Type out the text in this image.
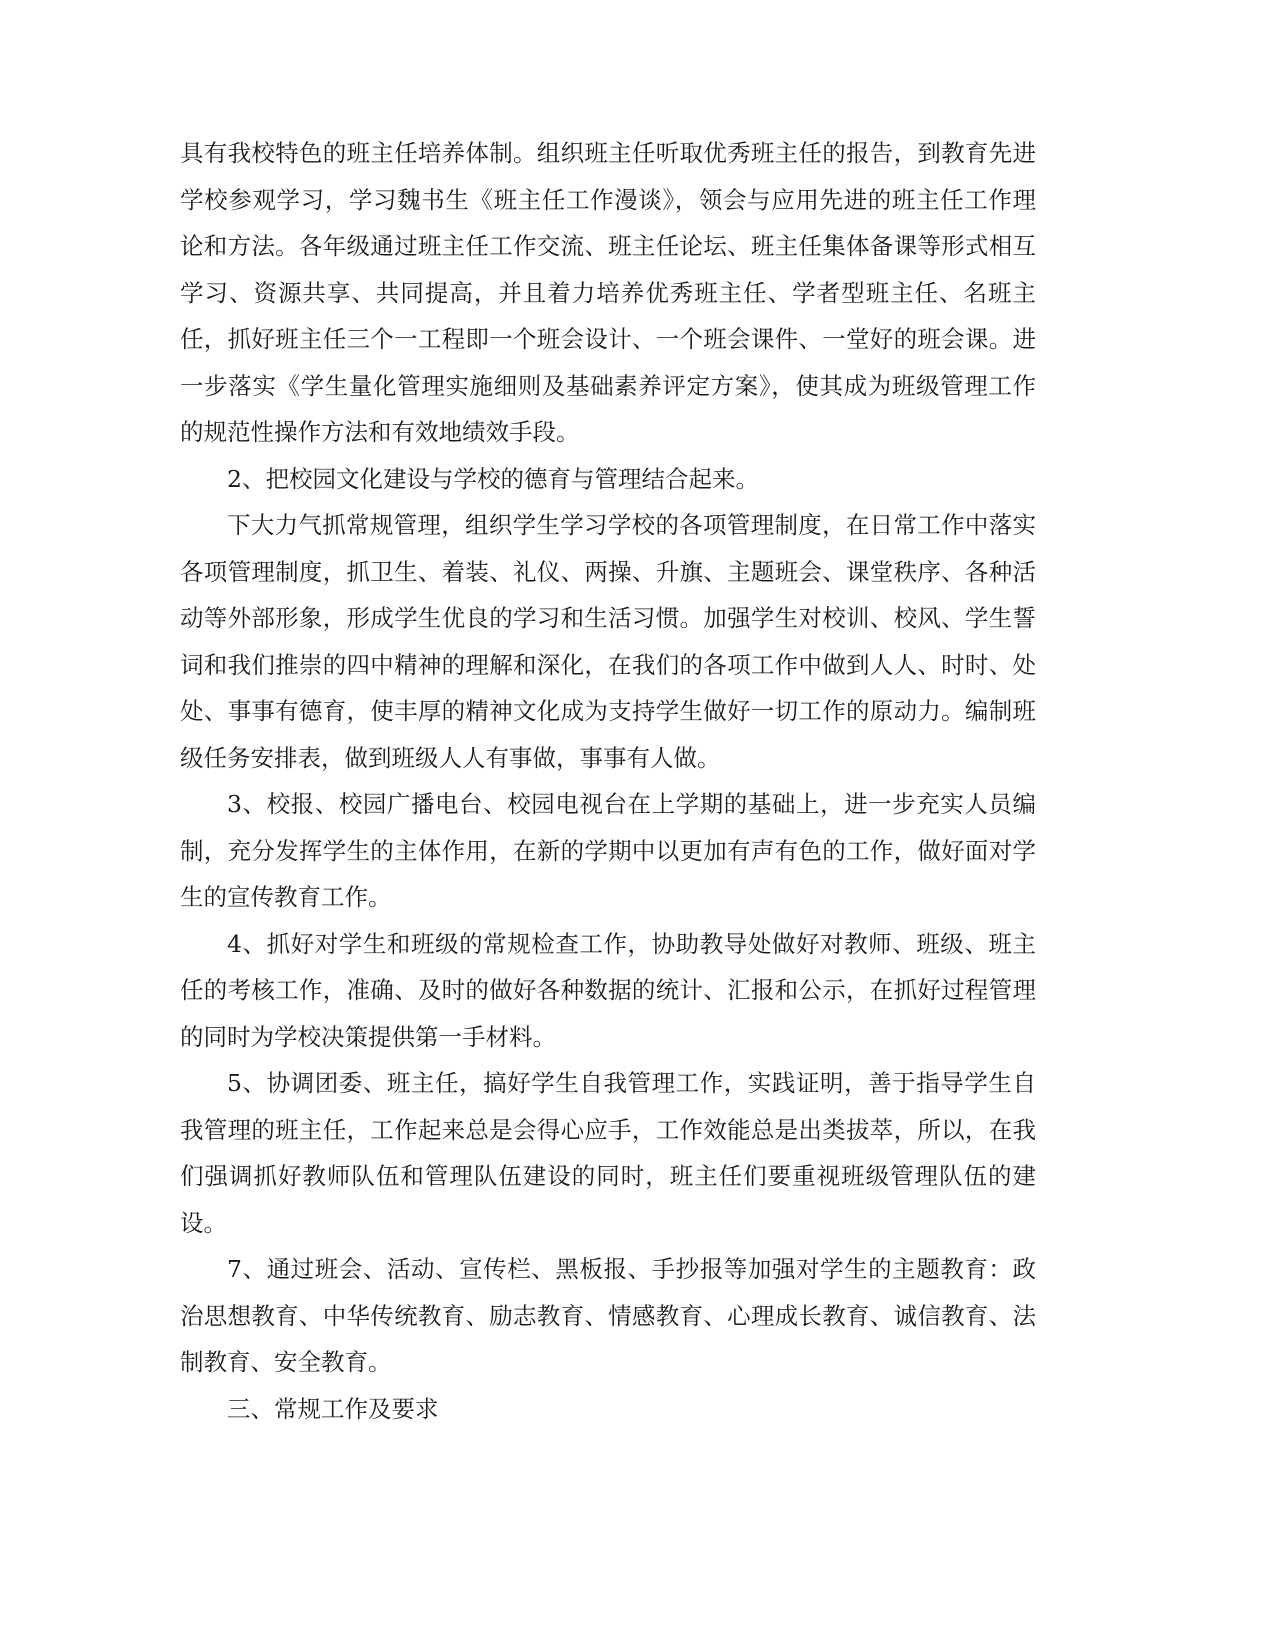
具有我校特色的班主任培养体制。组织班主任听取优秀班主任的报告，到教育先进学校参观学习，学习魏书生《班主任工作漫谈》，领会与应用先进的班主任工作理论和方法。各年级通过班主任工作交流、班主任论坛、班主任集体备课等形式相互学习、资源共享、共同提高，并且着力培养优秀班主任、学者型班主任、名班主任，抓好班主任三个一工程即一个班会设计、一个班会课件、一堂好的班会课。进一步落实《学生量化管理实施细则及基础素养评定方案》，使其成为班级管理工作的规范性操作方法和有效地绩效手段。

2、把校园文化建设与学校的德育与管理结合起来。

下大力气抓常规管理，组织学生学习学校的各项管理制度，在日常工作中落实各项管理制度，抓卫生、着装、礼仪、两操、升旗、主题班会、课堂秩序、各种活动等外部形象，形成学生优良的学习和生活习惯。加强学生对校训、校风、学生誓词和我们推崇的四中精神的理解和深化，在我们的各项工作中做到人人、时时、处处、事事有德育，使丰厚的精神文化成为支持学生做好一切工作的原动力。编制班级任务安排表，做到班级人人有事做，事事有人做。

3、校报、校园广播电台、校园电视台在上学期的基础上，进一步充实人员编制，充分发挥学生的主体作用，在新的学期中以更加有声有色的工作，做好面对学生的宣传教育工作。

4、抓好对学生和班级的常规检查工作，协助教导处做好对教师、班级、班主任的考核工作，准确、及时的做好各种数据的统计、汇报和公示，在抓好过程管理的同时为学校决策提供第一手材料。

5、协调团委、班主任，搞好学生自我管理工作，实践证明，善于指导学生自我管理的班主任，工作起来总是会得心应手，工作效能总是出类拔萃，所以，在我们强调抓好教师队伍和管理队伍建设的同时，班主任们要重视班级管理队伍的建设。

7、通过班会、活动、宣传栏、黑板报、手抄报等加强对学生的主题教育：政治思想教育、中华传统教育、励志教育、情感教育、心理成长教育、诚信教育、法制教育、安全教育。

三、常规工作及要求
